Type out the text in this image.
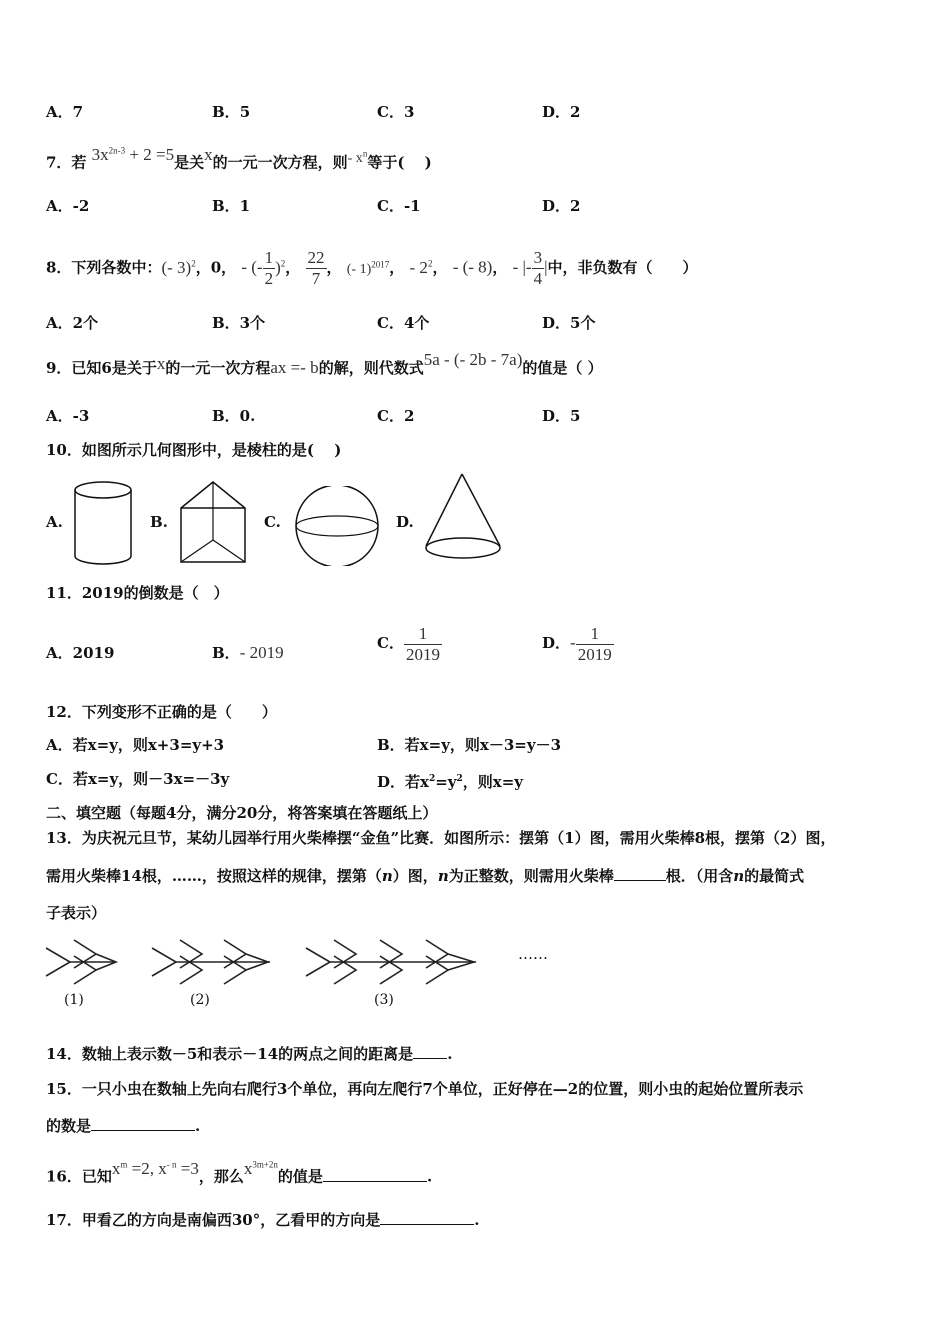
A．7	B．5	C．3	D．2
7．若 $3x^{2n-3} + 2 =5$是关x的一元一次方程，则- $x^n$等于(　 )
A．-2	B．1	C．-1	D．2
8．下列各数中：(- 3)$^2$，0， - (- $\frac{1}{2} )^2$， $\frac{22}{7}$ ， (- 1)$^{2017}$， - $2^2$， - (- 8)， - |- $\frac{3}{4}$ |中，非负数有（　　）
A．2个	B．3个	C．4个	D．5个
9．已知6是关于x的一元一次方程ax =- b的解，则代数式5a - (- 2b - 7a)的值是（ ）
A．-3	B．0.	C．2	D．5
10．如图所示几何图形中，是棱柱的是(　 )
A.	B.	C.	D.
11．2019的倒数是（　）
A．2019	B．- 2019	C． $\frac{1}{2019}$	D．- $\frac{1}{2019}$
12．下列变形不正确的是（　　）
A．若x=y，则x+3=y+3	B．若x=y，则x－3=y－3
C．若x=y，则－3x=－3y	D．若$x^2=y^2$，则x=y
二、填空题（每题4分，满分20分，将答案填在答题纸上）
13．为庆祝元旦节，某幼儿园举行用火柴棒摆“金鱼”比赛．如图所示：摆第（1）图，需用火柴棒8根，摆第（2）图，
需用火柴棒14根，……，按照这样的规律，摆第（n）图，n为正整数，则需用火柴棒	根．（用含n的最简式
子表示）
(1)	(2)	(3)
……
14．数轴上表示数－5和表示－14的两点之间的距离是 .
15．一只小虫在数轴上先向右爬行3个单位，再向左爬行7个单位，正好停在—2的位置，则小虫的起始位置所表示
的数是	.
16．已知$x^m =2$, $x^{- n} =3$，那么$x^{3m+2n}$的值是	.
17．甲看乙的方向是南偏西30°，乙看甲的方向是	.
